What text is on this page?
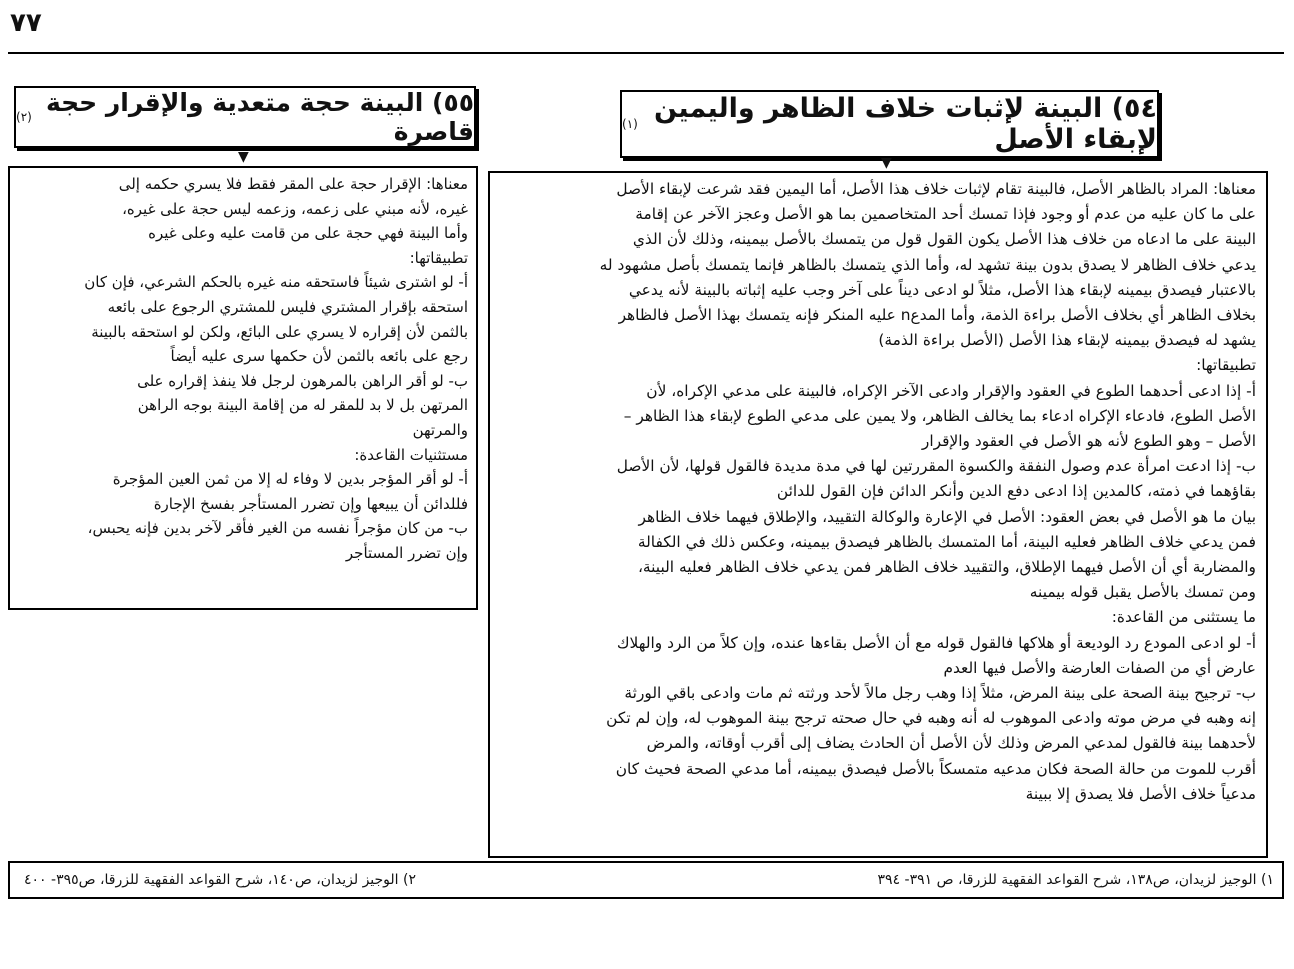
٧٧
٥٤) البينة لإثبات خلاف الظاهر واليمين لإبقاء الأصل
(١)
▼
٥٥) البينة حجة متعدية والإقرار حجة قاصرة
(٢)
▼
معناها: المراد بالظاهر الأصل، فالبينة تقام لإثبات خلاف هذا الأصل، أما اليمين فقد شرعت لإبقاء الأصل
على ما كان عليه من عدم أو وجود فإذا تمسك أحد المتخاصمين بما هو الأصل وعجز الآخر عن إقامة
البينة على ما ادعاه من خلاف هذا الأصل يكون القول قول من يتمسك بالأصل بيمينه، وذلك لأن الذي
يدعي خلاف الظاهر لا يصدق بدون بينة تشهد له، وأما الذي يتمسك بالظاهر فإنما يتمسك بأصل مشهود له
بالاعتبار فيصدق بيمينه لإبقاء هذا الأصل، مثلاً لو ادعى ديناً على آخر وجب عليه إثباته بالبينة لأنه يدعي
بخلاف الظاهر أي بخلاف الأصل براءة الذمة، وأما المدعn عليه المنكر فإنه يتمسك بهذا الأصل فالظاهر
يشهد له فيصدق بيمينه لإبقاء هذا الأصل (الأصل براءة الذمة)
تطبيقاتها:
أ- إذا ادعى أحدهما الطوع في العقود والإقرار وادعى الآخر الإكراه، فالبينة على مدعي الإكراه، لأن
الأصل الطوع، فادعاء الإكراه ادعاء بما يخالف الظاهر، ولا يمين على مدعي الطوع لإبقاء هذا الظاهر –
الأصل – وهو الطوع لأنه هو الأصل في العقود والإقرار
ب- إذا ادعت امرأة عدم وصول النفقة والكسوة المقررتين لها في مدة مديدة فالقول قولها، لأن الأصل
بقاؤهما في ذمته، كالمدين إذا ادعى دفع الدين وأنكر الدائن فإن القول للدائن
بيان ما هو الأصل في بعض العقود: الأصل في الإعارة والوكالة التقييد، والإطلاق فيهما خلاف الظاهر
فمن يدعي خلاف الظاهر فعليه البينة، أما المتمسك بالظاهر فيصدق بيمينه، وعكس ذلك في الكفالة
والمضاربة أي أن الأصل فيهما الإطلاق، والتقييد خلاف الظاهر فمن يدعي خلاف الظاهر فعليه البينة،
ومن تمسك بالأصل يقبل قوله بيمينه
ما يستثنى من القاعدة:
أ- لو ادعى المودع رد الوديعة أو هلاكها فالقول قوله مع أن الأصل بقاءها عنده، وإن كلاً من الرد والهلاك
عارض أي من الصفات العارضة والأصل فيها العدم
ب- ترجيح بينة الصحة على بينة المرض، مثلاً إذا وهب رجل مالاً لأحد ورثته ثم مات وادعى باقي الورثة
إنه وهبه في مرض موته وادعى الموهوب له أنه وهبه في حال صحته ترجح بينة الموهوب له، وإن لم تكن
لأحدهما بينة فالقول لمدعي المرض وذلك لأن الأصل أن الحادث يضاف إلى أقرب أوقاته، والمرض
أقرب للموت من حالة الصحة فكان مدعيه متمسكاً بالأصل فيصدق بيمينه، أما مدعي الصحة فحيث كان
مدعياً خلاف الأصل فلا يصدق إلا ببينة
معناها: الإقرار حجة على المقر فقط فلا يسري حكمه إلى
غيره، لأنه مبني على زعمه، وزعمه ليس حجة على غيره،
وأما البينة فهي حجة على من قامت عليه وعلى غيره
تطبيقاتها:
أ- لو اشترى شيئاً فاستحقه منه غيره بالحكم الشرعي، فإن كان
استحقه بإقرار المشتري فليس للمشتري الرجوع على بائعه
بالثمن لأن إقراره لا يسري على البائع، ولكن لو استحقه بالبينة
رجع على بائعه بالثمن لأن حكمها سرى عليه أيضاً
ب- لو أقر الراهن بالمرهون لرجل فلا ينفذ إقراره على
المرتهن بل لا بد للمقر له من إقامة البينة بوجه الراهن
والمرتهن
مستثنيات القاعدة:
أ- لو أقر المؤجر بدين لا وفاء له إلا من ثمن العين المؤجرة
فللدائن أن يبيعها وإن تضرر المستأجر بفسخ الإجارة
ب- من كان مؤجراً نفسه من الغير فأقر لآخر بدين فإنه يحبس،
وإن تضرر المستأجر
١) الوجيز لزيدان، ص١٣٨، شرح القواعد الفقهية للزرقا، ص ٣٩١- ٣٩٤
٢) الوجيز لزيدان، ص١٤٠، شرح القواعد الفقهية للزرقا، ص٣٩٥- ٤٠٠
